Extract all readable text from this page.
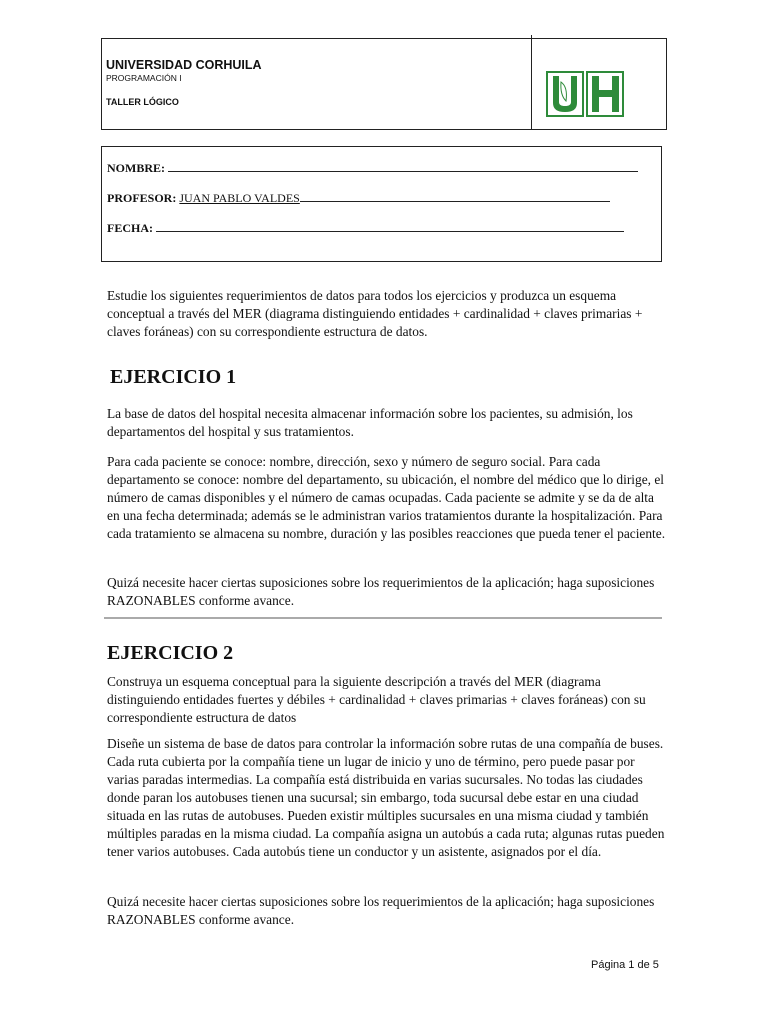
UNIVERSIDAD CORHUILA
PROGRAMACIÓN I
TALLER LÓGICO
NOMBRE:
PROFESOR: JUAN PABLO VALDES
FECHA:

Estudie los siguientes requerimientos de datos para todos los ejercicios y produzca un esquema conceptual a través del MER (diagrama distinguiendo entidades + cardinalidad + claves primarias + claves foráneas) con su correspondiente estructura de datos.

EJERCICIO 1

La base de datos del hospital necesita almacenar información sobre los pacientes, su admisión, los departamentos del hospital y sus tratamientos.

Para cada paciente se conoce: nombre, dirección, sexo y número de seguro social. Para cada departamento se conoce: nombre del departamento, su ubicación, el nombre del médico que lo dirige, el número de camas disponibles y el número de camas ocupadas. Cada paciente se admite y se da de alta en una fecha determinada; además se le administran varios tratamientos durante la hospitalización. Para cada tratamiento se almacena su nombre, duración y las posibles reacciones que pueda tener el paciente.

Quizá necesite hacer ciertas suposiciones sobre los requerimientos de la aplicación; haga suposiciones RAZONABLES conforme avance.

EJERCICIO 2

Construya un esquema conceptual para la siguiente descripción a través del MER (diagrama distinguiendo entidades fuertes y débiles + cardinalidad + claves primarias + claves foráneas) con su correspondiente estructura de datos

Diseñe un sistema de base de datos para controlar la información sobre rutas de una compañía de buses. Cada ruta cubierta por la compañía tiene un lugar de inicio y uno de término, pero puede pasar por varias paradas intermedias. La compañía está distribuida en varias sucursales. No todas las ciudades donde paran los autobuses tienen una sucursal; sin embargo, toda sucursal debe estar en una ciudad situada en las rutas de autobuses. Pueden existir múltiples sucursales en una misma ciudad y también múltiples paradas en la misma ciudad. La compañía asigna un autobús a cada ruta; algunas rutas pueden tener varios autobuses. Cada autobús tiene un conductor y un asistente, asignados por el día.

Quizá necesite hacer ciertas suposiciones sobre los requerimientos de la aplicación; haga suposiciones RAZONABLES conforme avance.

Página 1 de 5
